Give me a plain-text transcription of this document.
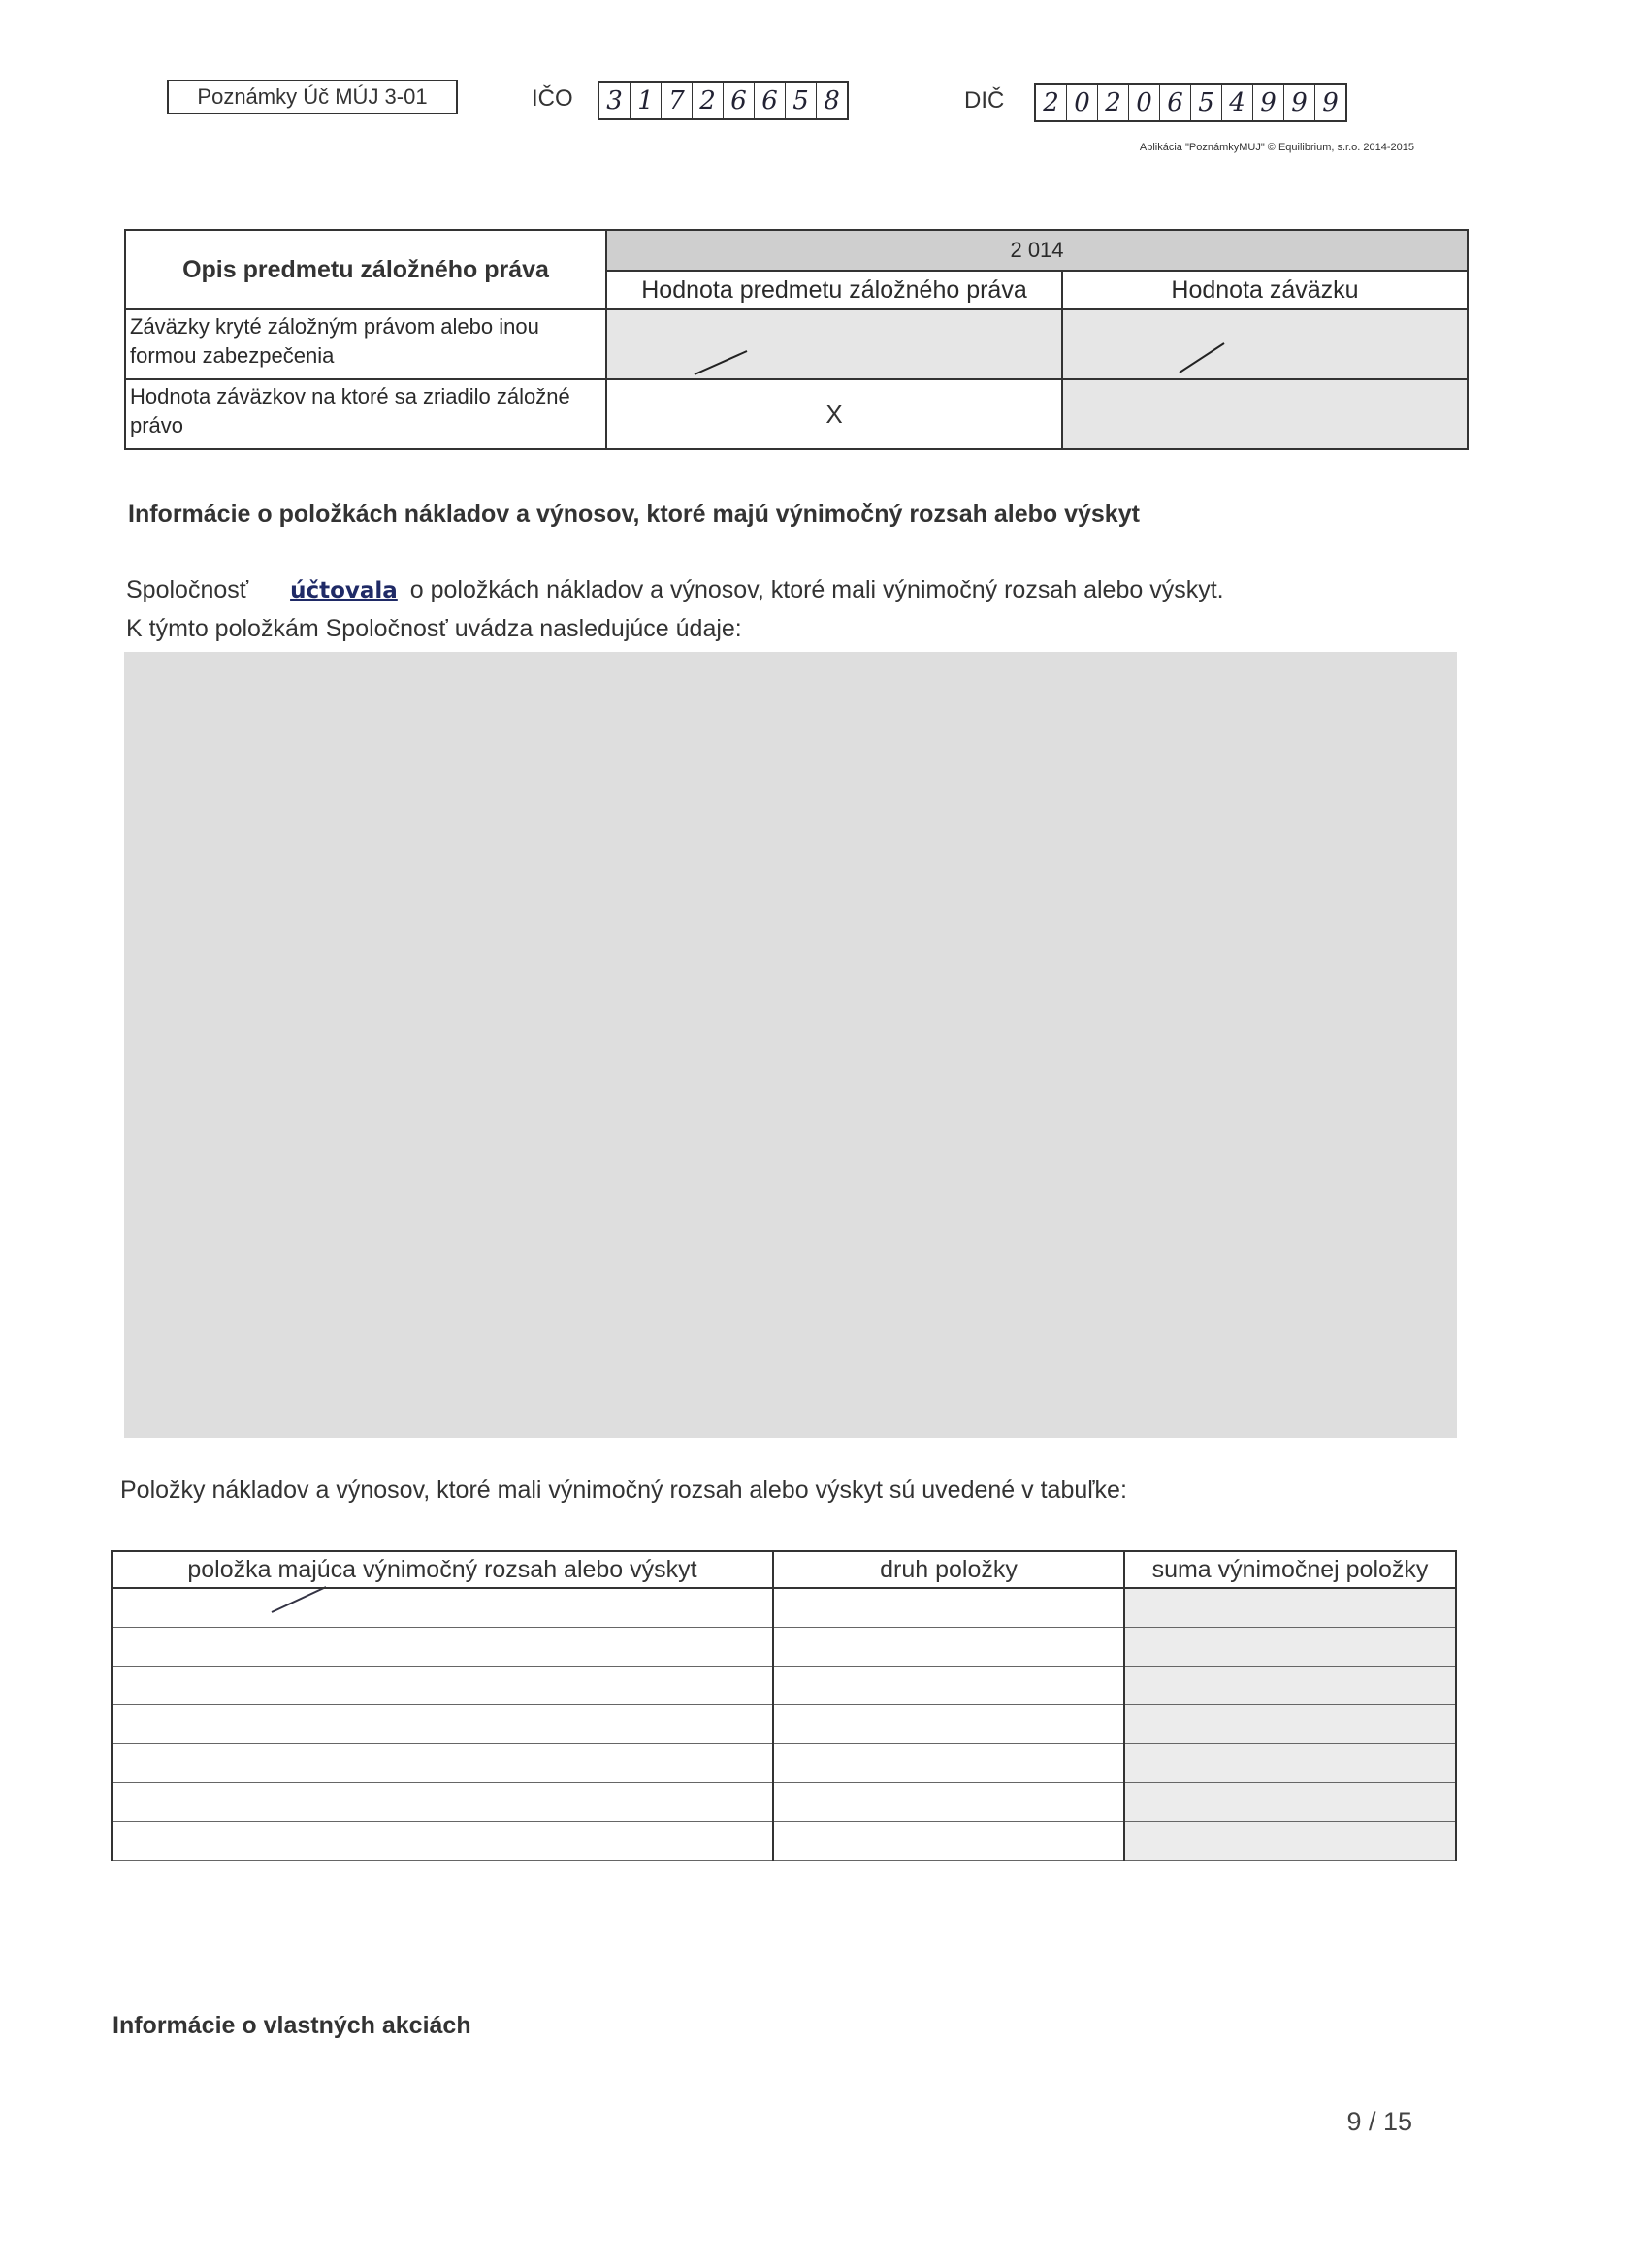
Poznámky Úč MÚJ 3-01	IČO 3 1 7 2 6 6 5 8	DIČ 2 0 2 0 6 5 4 9 9 9
Aplikácia "PoznámkyMUJ" © Equilibrium, s.r.o. 2014-2015
Opis predmetu záložného práva	2 014	
	Hodnota predmetu záložného práva	Hodnota záväzku
Záväzky kryté záložným právom alebo inou formou zabezpečenia		
Hodnota záväzkov na ktoré sa zriadilo záložné právo	X	
Informácie o položkách nákladov a výnosov, ktoré majú výnimočný rozsah alebo výskyt
Spoločnosť účtovala o položkách nákladov a výnosov, ktoré mali výnimočný rozsah alebo výskyt.
K týmto položkám Spoločnosť uvádza nasledujúce údaje:
Položky nákladov a výnosov, ktoré mali výnimočný rozsah alebo výskyt sú uvedené v tabuľke:
položka majúca výnimočný rozsah alebo výskyt	druh položky	suma výnimočnej položky

Informácie o vlastných akciách
9 / 15
